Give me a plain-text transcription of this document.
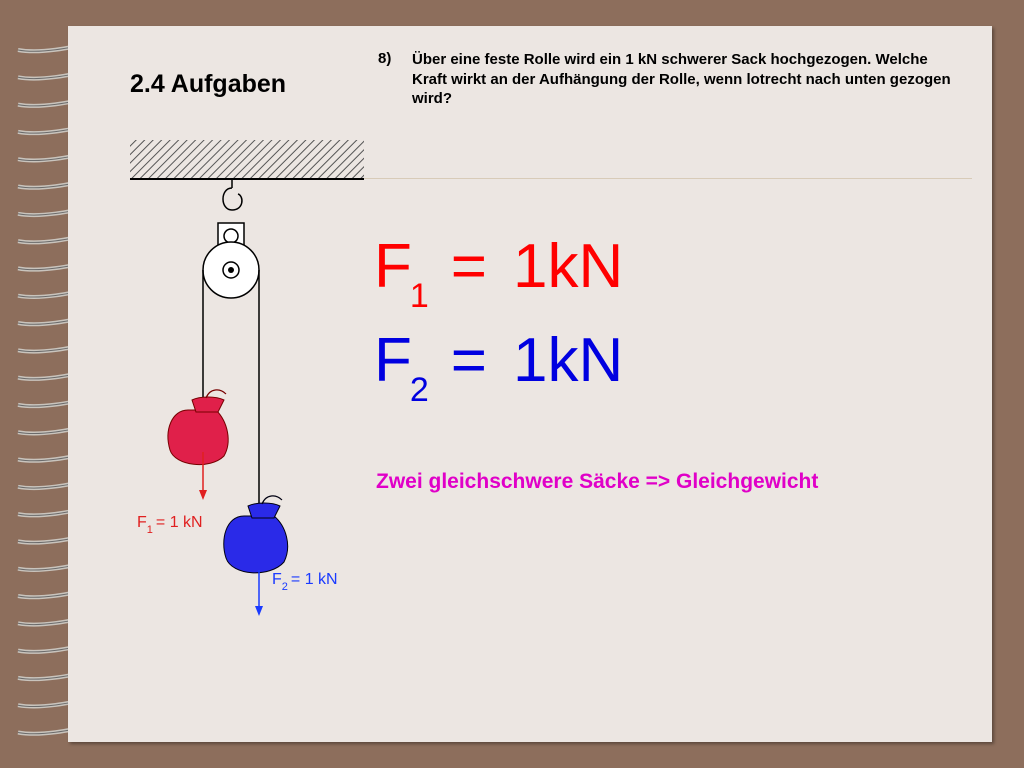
2.4 Aufgaben
8) Über eine feste Rolle wird ein 1 kN schwerer Sack hochgezogen. Welche Kraft wirkt an der Aufhängung der Rolle, wenn lotrecht nach unten gezogen wird?
$F_1 = 1$ kN
$F_2 = 1$ kN
$F_1 = 1kN$
$F_2 = 1kN$
Zwei gleichschwere Säcke => Gleichgewicht
